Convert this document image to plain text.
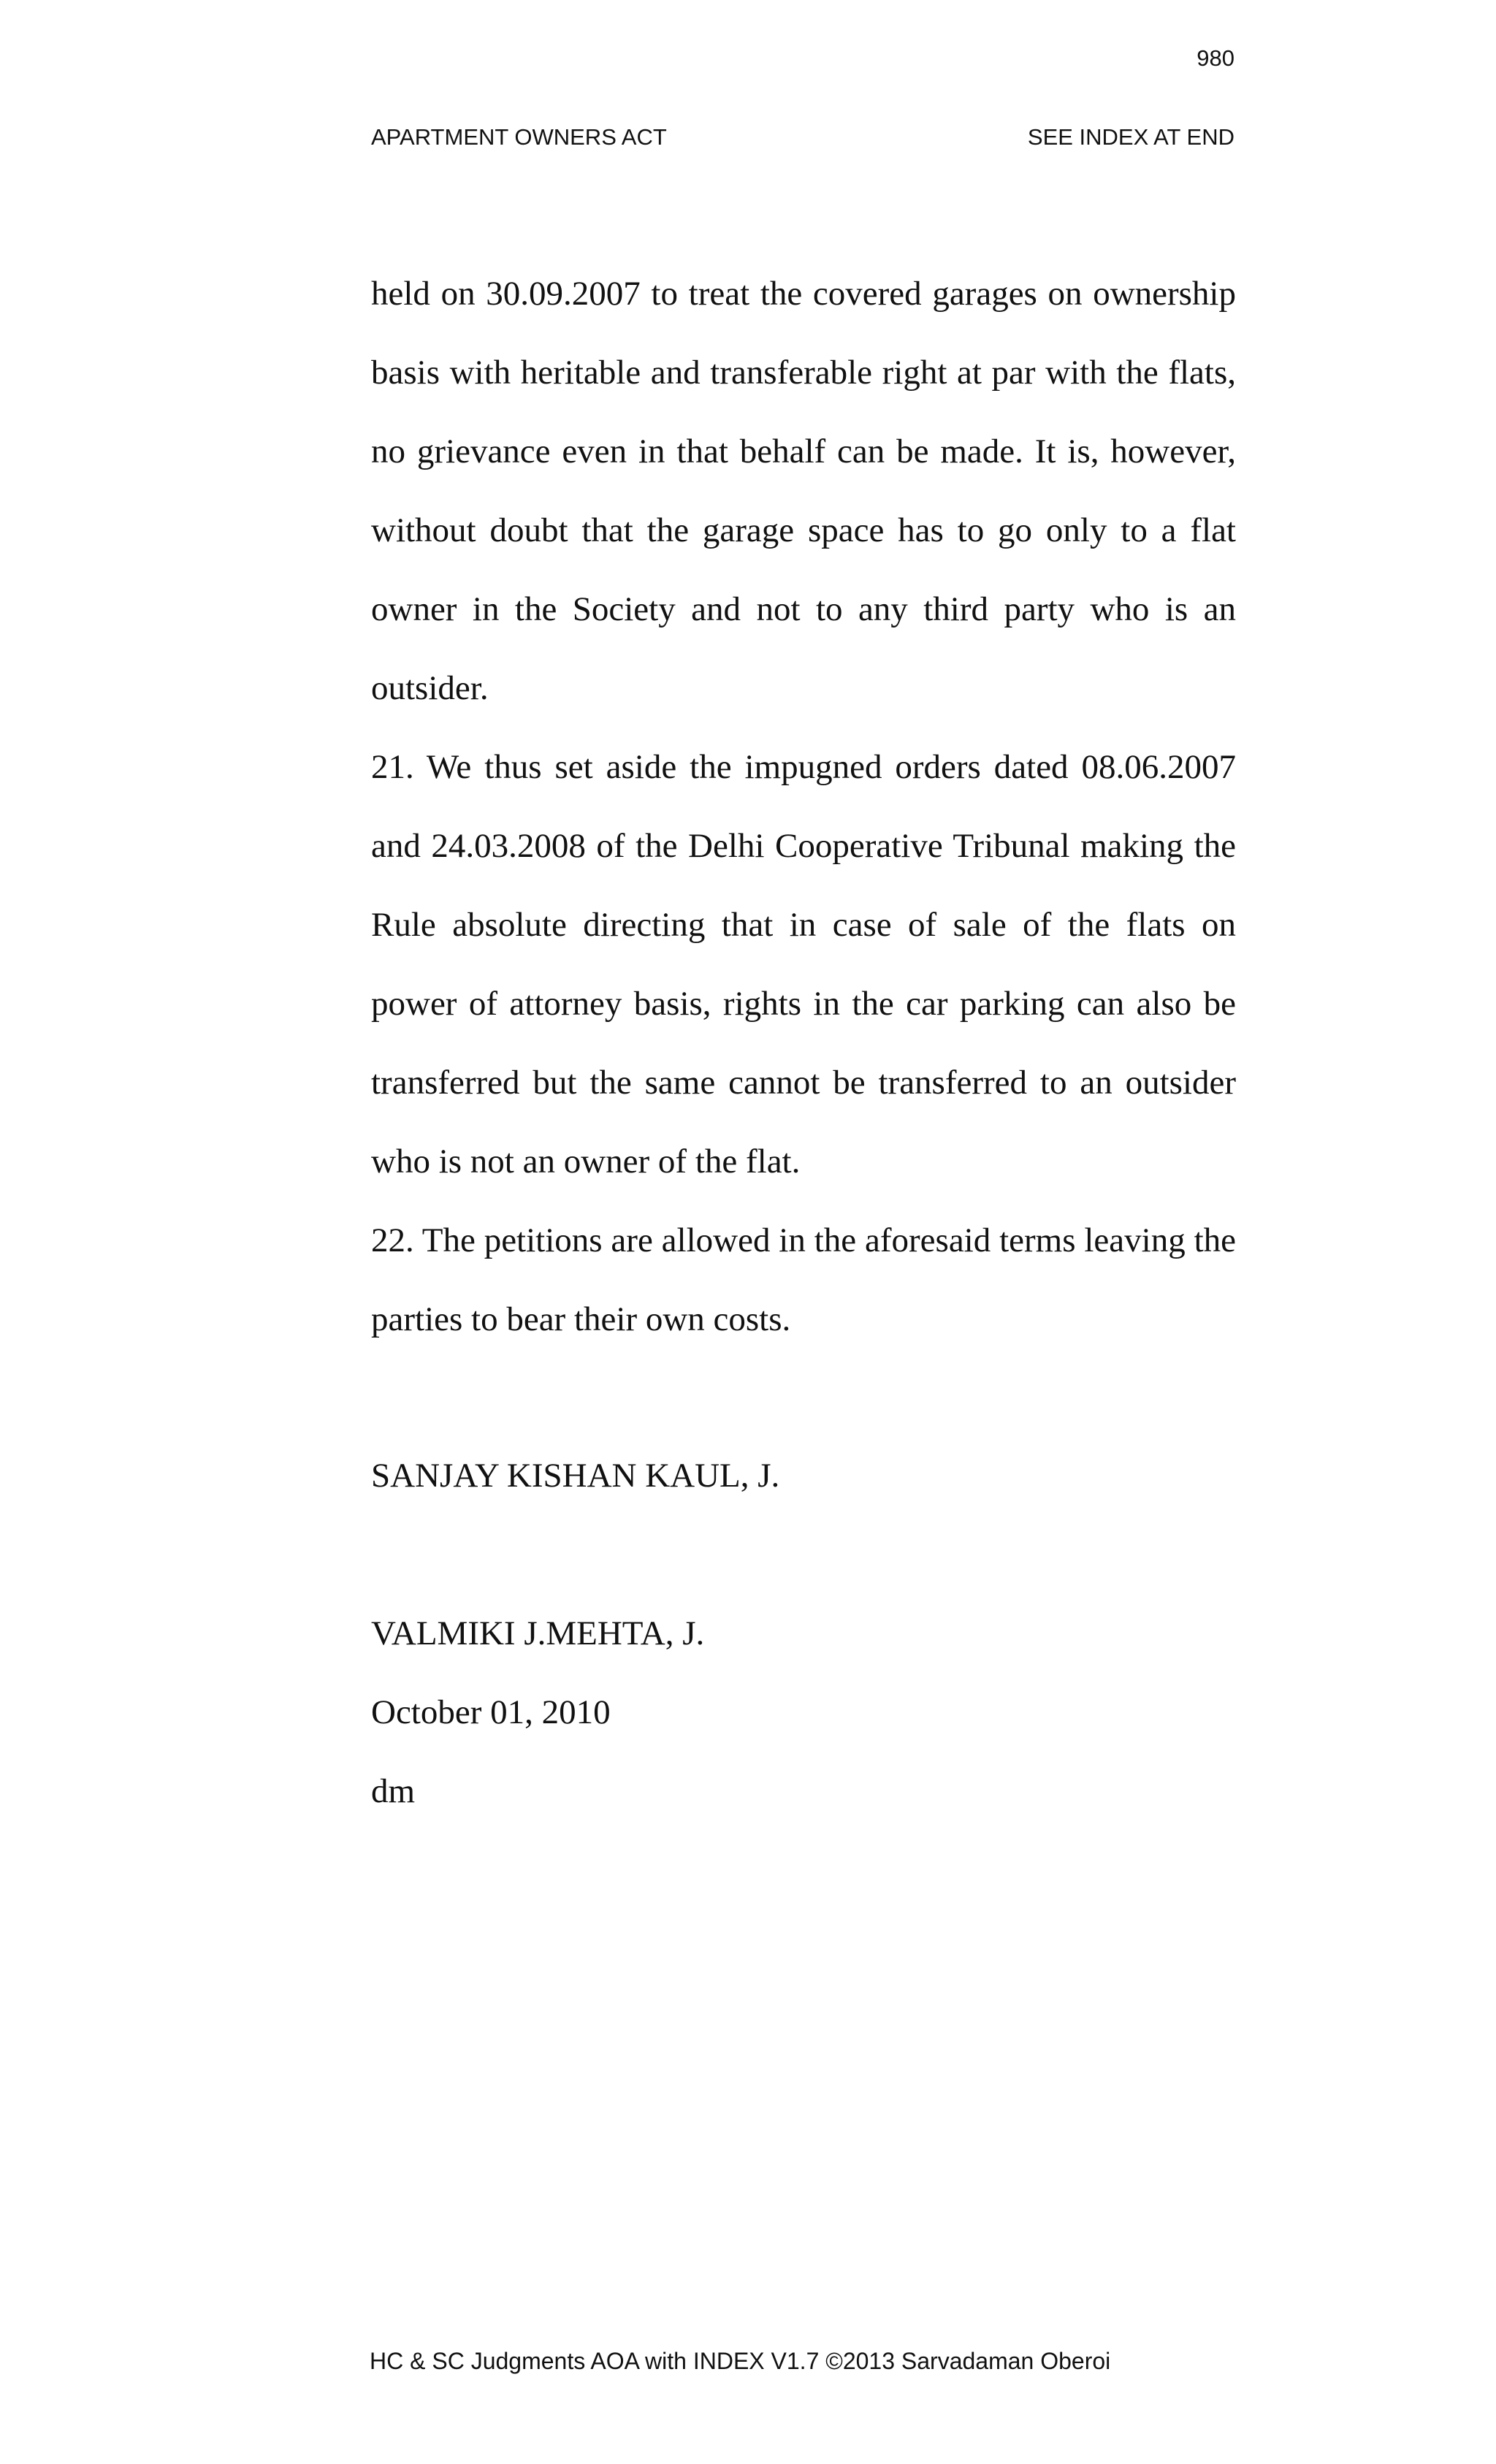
980
APARTMENT OWNERS ACT	SEE INDEX AT END

held on 30.09.2007 to treat the covered garages on ownership basis with heritable and transferable right at par with the flats, no grievance even in that behalf can be made. It is, however, without doubt that the garage space has to go only to a flat owner in the Society and not to any third party who is an outsider.

21. We thus set aside the impugned orders dated 08.06.2007 and 24.03.2008 of the Delhi Cooperative Tribunal making the Rule absolute directing that in case of sale of the flats on power of attorney basis, rights in the car parking can also be transferred but the same cannot be transferred to an outsider who is not an owner of the flat.

22. The petitions are allowed in the aforesaid terms leaving the parties to bear their own costs.

SANJAY KISHAN KAUL, J.
VALMIKI J.MEHTA, J.
October 01, 2010
dm
HC & SC Judgments AOA with INDEX V1.7 ©2013 Sarvadaman Oberoi
